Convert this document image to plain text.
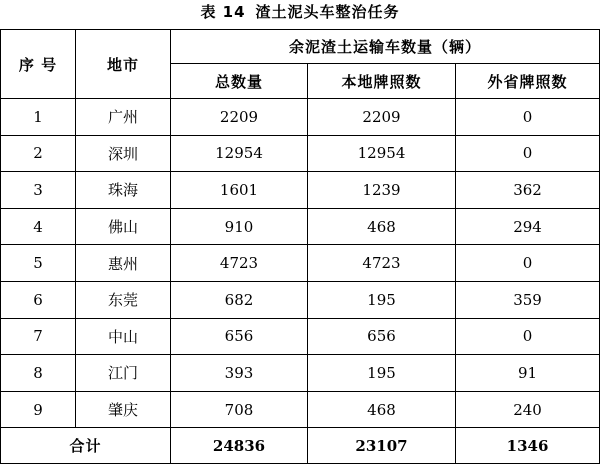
表 14 渣土泥头车整治任务
序 号	地市	余泥渣土运输车数量（辆）		
		总数量	本地牌照数	外省牌照数
1	广州	2209	2209	0
2	深圳	12954	12954	0
3	珠海	1601	1239	362
4	佛山	910	468	294
5	惠州	4723	4723	0
6	东莞	682	195	359
7	中山	656	656	0
8	江门	393	195	91
9	肇庆	708	468	240
合计		24836	23107	1346
